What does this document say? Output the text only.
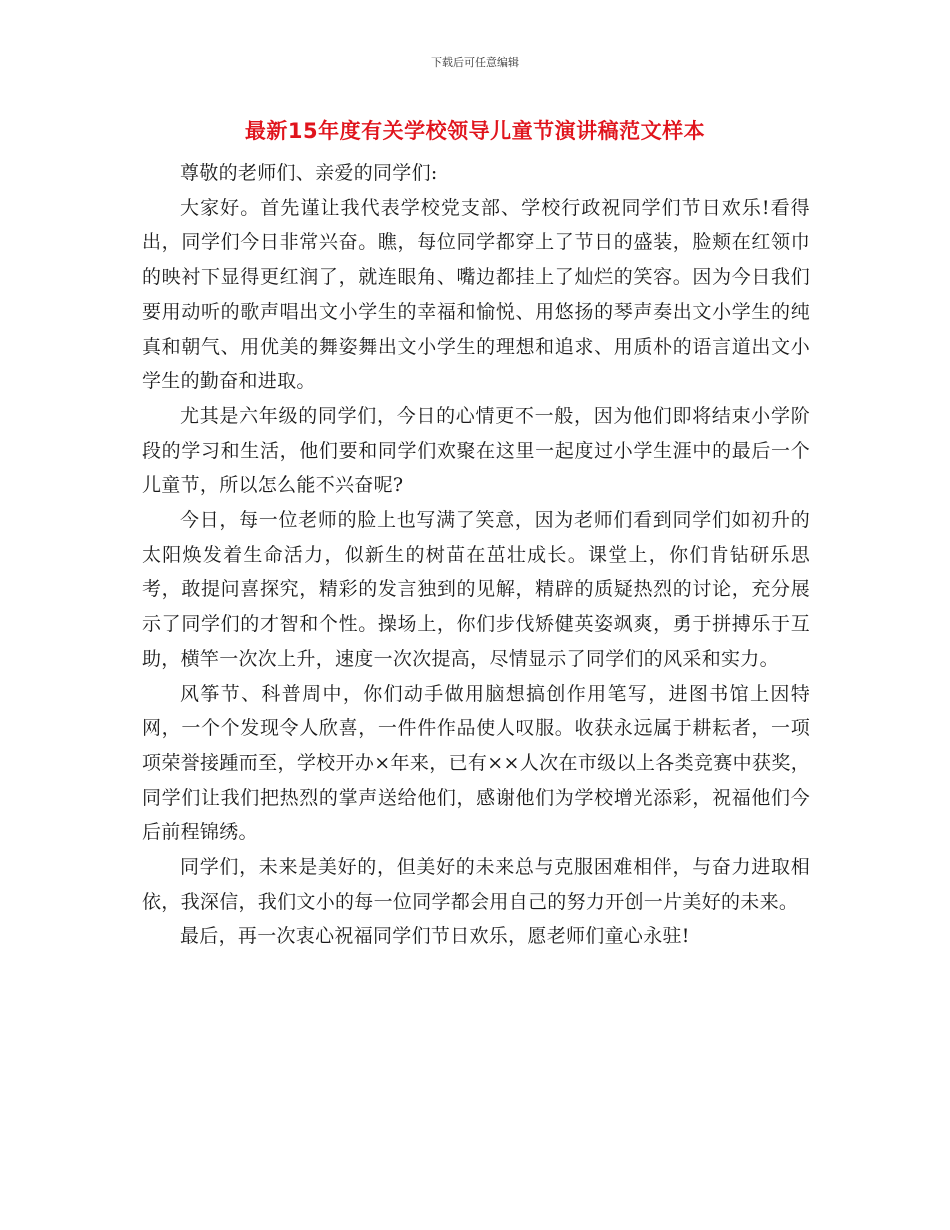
下载后可任意编辑
最新15年度有关学校领导儿童节演讲稿范文样本

尊敬的老师们、亲爱的同学们:

大家好。首先谨让我代表学校党支部、学校行政祝同学们节日欢乐!看得出，同学们今日非常兴奋。瞧，每位同学都穿上了节日的盛装，脸颊在红领巾的映衬下显得更红润了，就连眼角、嘴边都挂上了灿烂的笑容。因为今日我们要用动听的歌声唱出文小学生的幸福和愉悦、用悠扬的琴声奏出文小学生的纯真和朝气、用优美的舞姿舞出文小学生的理想和追求、用质朴的语言道出文小学生的勤奋和进取。

尤其是六年级的同学们，今日的心情更不一般，因为他们即将结束小学阶段的学习和生活，他们要和同学们欢聚在这里一起度过小学生涯中的最后一个儿童节，所以怎么能不兴奋呢?

今日，每一位老师的脸上也写满了笑意，因为老师们看到同学们如初升的太阳焕发着生命活力，似新生的树苗在茁壮成长。课堂上，你们肯钻研乐思考，敢提问喜探究，精彩的发言独到的见解，精辟的质疑热烈的讨论，充分展示了同学们的才智和个性。操场上，你们步伐矫健英姿飒爽，勇于拼搏乐于互助，横竿一次次上升，速度一次次提高，尽情显示了同学们的风采和实力。

风筝节、科普周中，你们动手做用脑想搞创作用笔写，进图书馆上因特网，一个个发现令人欣喜，一件件作品使人叹服。收获永远属于耕耘者，一项项荣誉接踵而至，学校开办×年来，已有××人次在市级以上各类竞赛中获奖，同学们让我们把热烈的掌声送给他们，感谢他们为学校增光添彩，祝福他们今后前程锦绣。

同学们，未来是美好的，但美好的未来总与克服困难相伴，与奋力进取相依，我深信，我们文小的每一位同学都会用自己的努力开创一片美好的未来。

最后，再一次衷心祝福同学们节日欢乐，愿老师们童心永驻!
